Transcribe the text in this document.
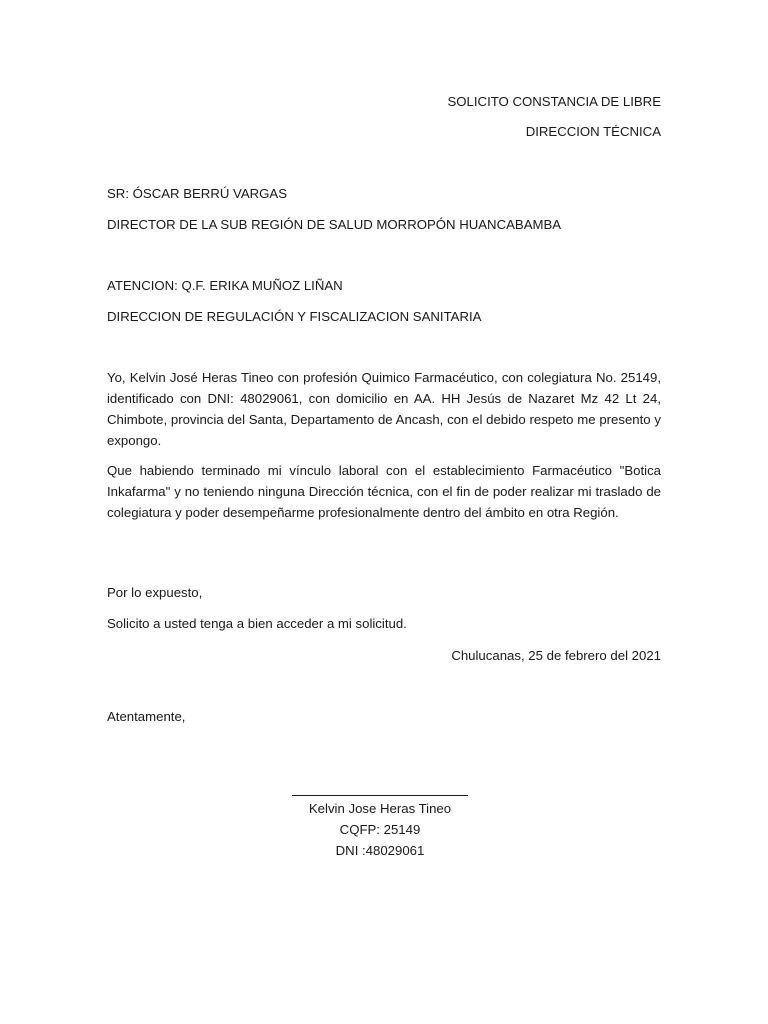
SOLICITO CONSTANCIA DE LIBRE
DIRECCION TÉCNICA
SR: ÓSCAR BERRÚ VARGAS
DIRECTOR DE LA SUB REGIÓN DE SALUD MORROPÓN HUANCABAMBA
ATENCION: Q.F. ERIKA MUÑOZ LIÑAN
DIRECCION DE REGULACIÓN Y FISCALIZACION SANITARIA
Yo, Kelvin José Heras Tineo con profesión Quimico Farmacéutico, con colegiatura No. 25149, identificado con DNI: 48029061, con domicilio en AA. HH Jesús de Nazaret Mz 42 Lt 24, Chimbote, provincia del Santa, Departamento de Ancash, con el debido respeto me presento y expongo.
Que habiendo terminado mi vínculo laboral con el establecimiento Farmacéutico "Botica Inkafarma" y no teniendo ninguna Dirección técnica, con el fin de poder realizar mi traslado de colegiatura y poder desempeñarme profesionalmente dentro del ámbito en otra Región.
Por lo expuesto,
Solicito a usted tenga a bien acceder a mi solicitud.
Chulucanas, 25 de febrero del 2021
Atentamente,
Kelvin Jose Heras Tineo
CQFP: 25149
DNI :48029061
